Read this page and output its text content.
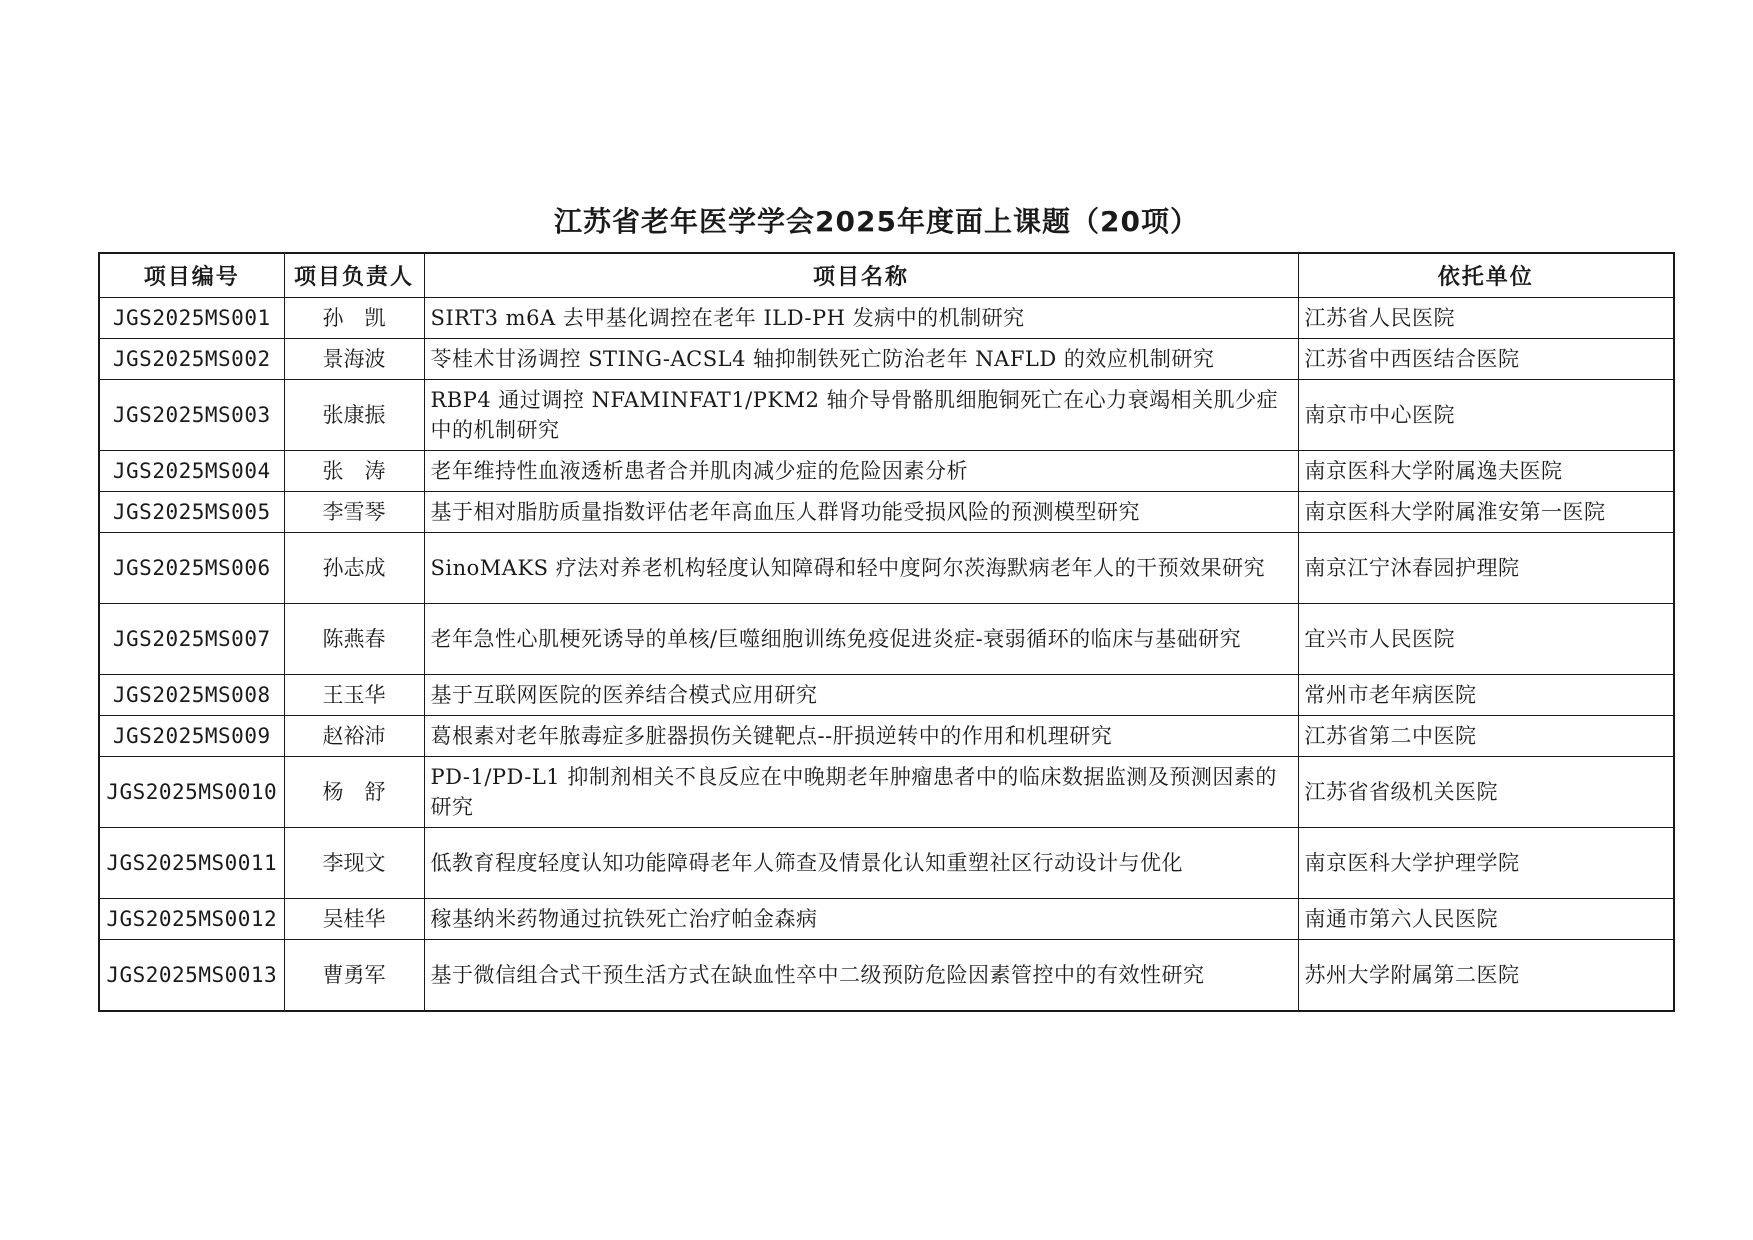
江苏省老年医学学会2025年度面上课题（20项）
项目编号	项目负责人	项目名称	依托单位
JGS2025MS001	孙　凯	SIRT3 m6A 去甲基化调控在老年 ILD-PH 发病中的机制研究	江苏省人民医院
JGS2025MS002	景海波	苓桂术甘汤调控 STING-ACSL4 轴抑制铁死亡防治老年 NAFLD 的效应机制研究	江苏省中西医结合医院
JGS2025MS003	张康振	RBP4 通过调控 NFAMINFAT1/PKM2 轴介导骨骼肌细胞铜死亡在心力衰竭相关肌少症中的机制研究	南京市中心医院
JGS2025MS004	张　涛	老年维持性血液透析患者合并肌肉减少症的危险因素分析	南京医科大学附属逸夫医院
JGS2025MS005	李雪琴	基于相对脂肪质量指数评估老年高血压人群肾功能受损风险的预测模型研究	南京医科大学附属淮安第一医院
JGS2025MS006	孙志成	SinoMAKS 疗法对养老机构轻度认知障碍和轻中度阿尔茨海默病老年人的干预效果研究	南京江宁沐春园护理院
JGS2025MS007	陈燕春	老年急性心肌梗死诱导的单核/巨噬细胞训练免疫促进炎症-衰弱循环的临床与基础研究	宜兴市人民医院
JGS2025MS008	王玉华	基于互联网医院的医养结合模式应用研究	常州市老年病医院
JGS2025MS009	赵裕沛	葛根素对老年脓毒症多脏器损伤关键靶点--肝损逆转中的作用和机理研究	江苏省第二中医院
JGS2025MS0010	杨　舒	PD-1/PD-L1 抑制剂相关不良反应在中晚期老年肿瘤患者中的临床数据监测及预测因素的研究	江苏省省级机关医院
JGS2025MS0011	李现文	低教育程度轻度认知功能障碍老年人筛查及情景化认知重塑社区行动设计与优化	南京医科大学护理学院
JGS2025MS0012	吴桂华	稼基纳米药物通过抗铁死亡治疗帕金森病	南通市第六人民医院
JGS2025MS0013	曹勇军	基于微信组合式干预生活方式在缺血性卒中二级预防危险因素管控中的有效性研究	苏州大学附属第二医院
